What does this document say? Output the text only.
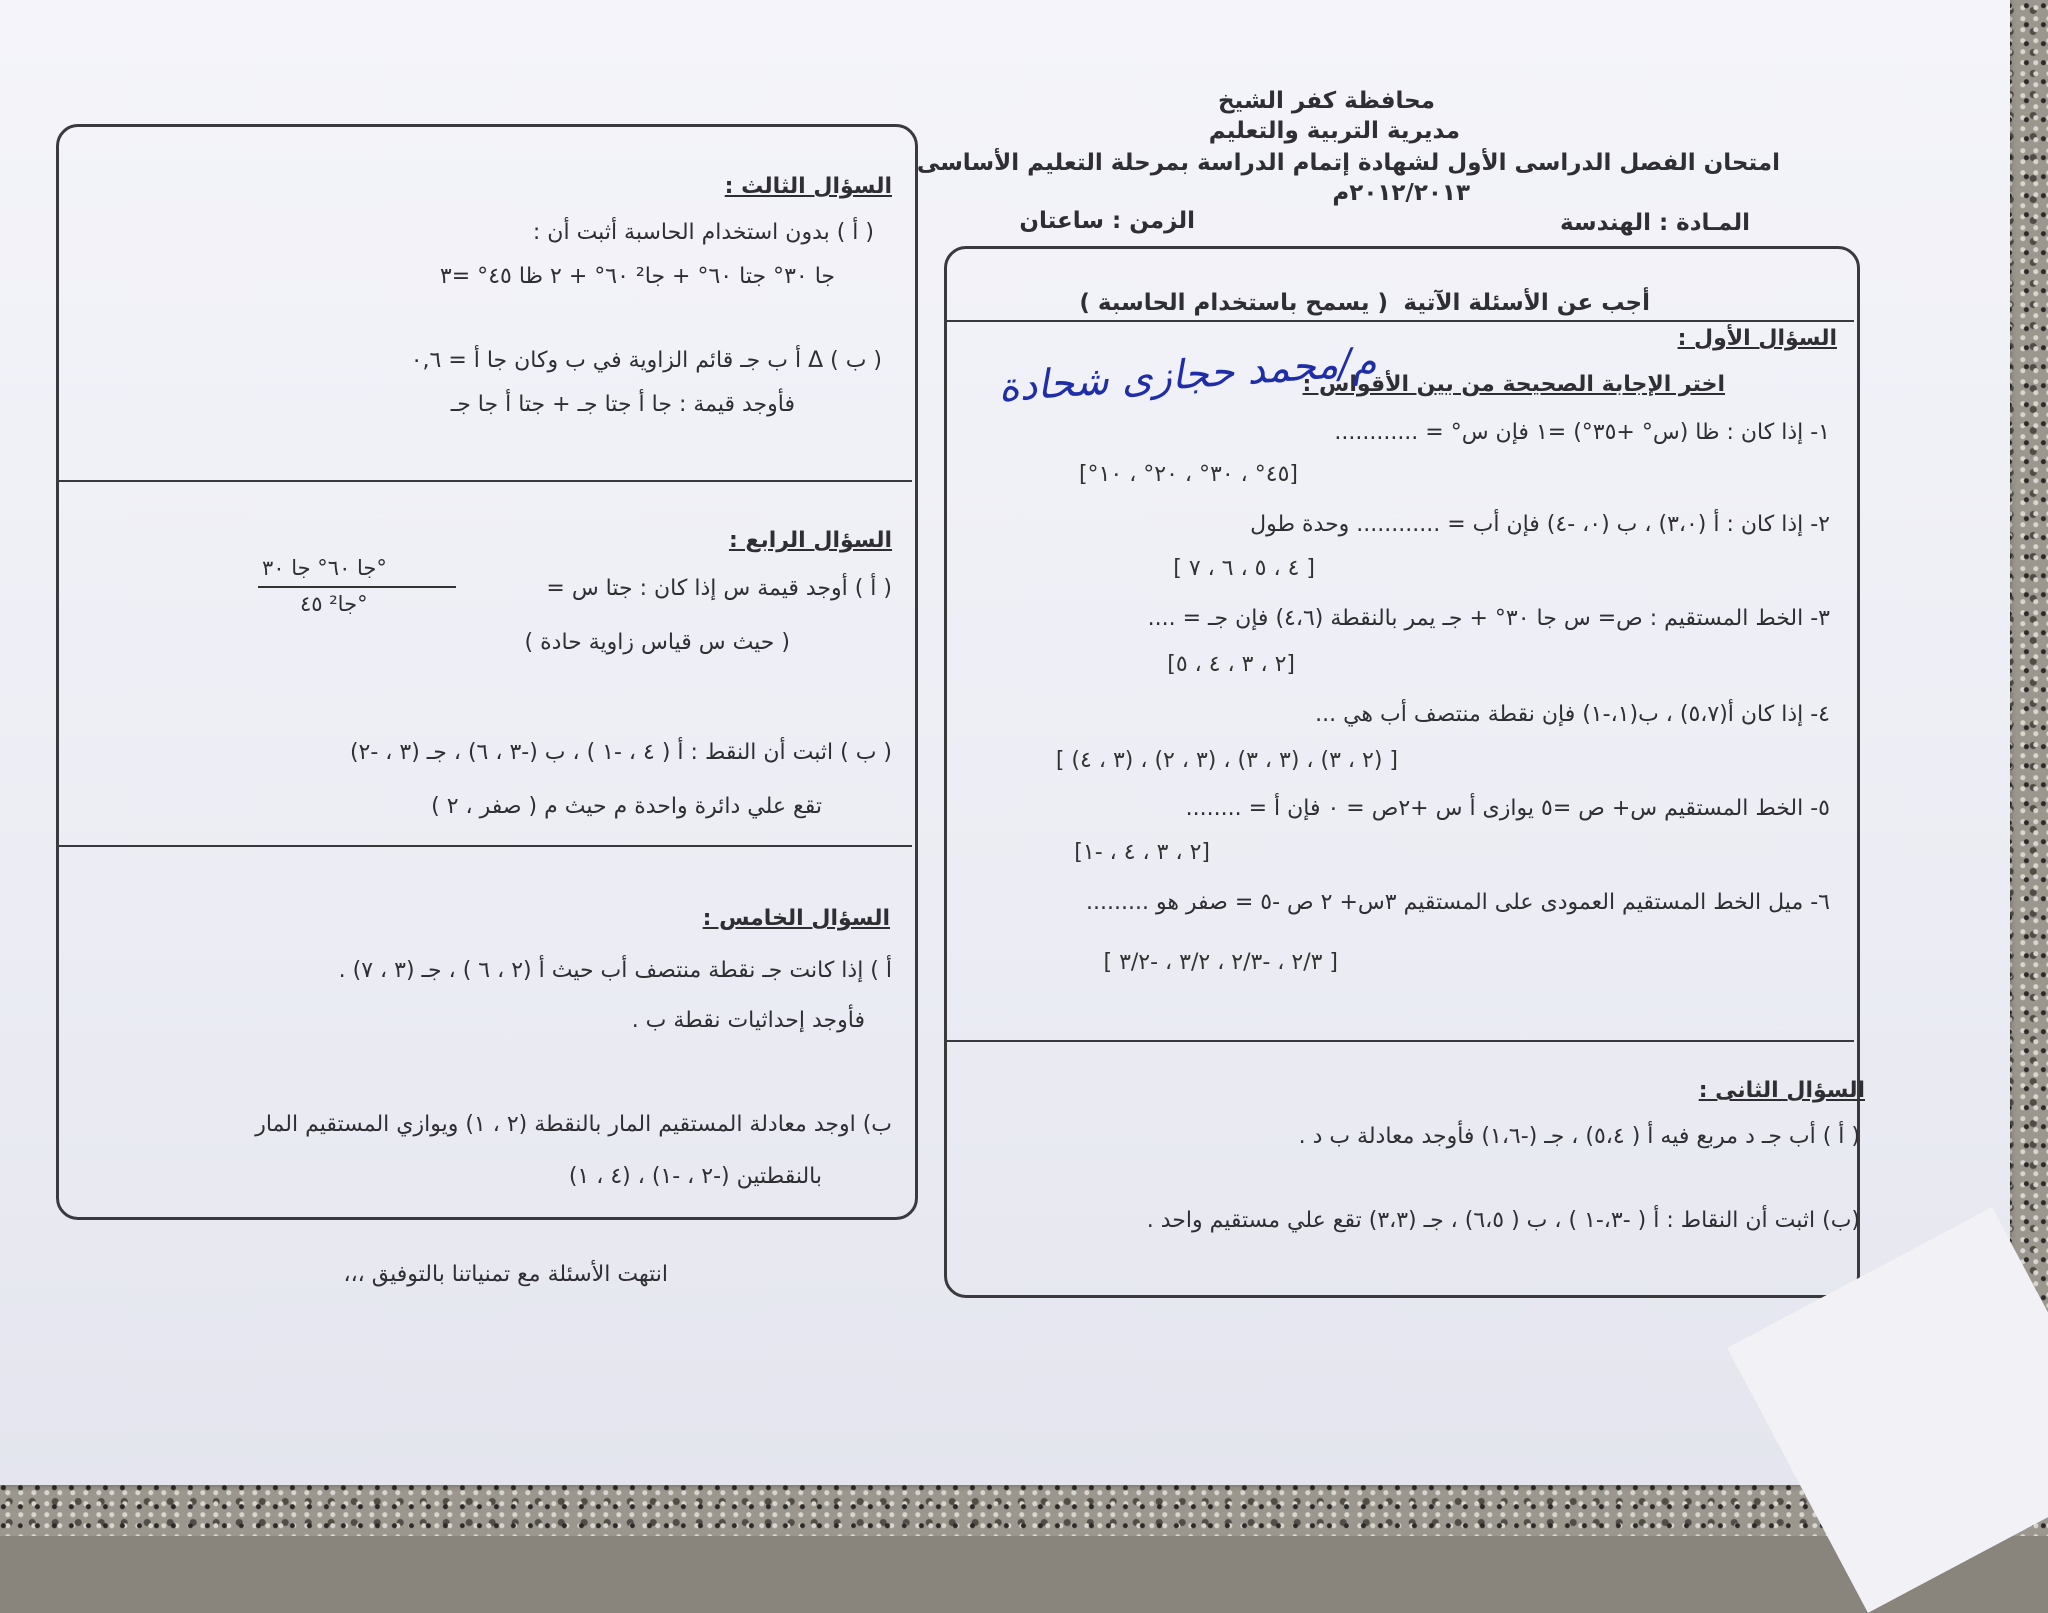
محافظة كفر الشيخ
مديرية التربية والتعليم
امتحان الفصل الدراسى الأول لشهادة إتمام الدراسة بمرحلة التعليم الأساسى
٢٠١٢/٢٠١٣م
المـادة : الهندسة
الزمن : ساعتان
أجب عن الأسئلة الآتية
( يسمح باستخدام الحاسبة )
السؤال الأول :
اختر الإجابة الصحيحة من بين الأقواس :
م/محمد حجازى شحادة
١- إذا كان : ظا (س° +٣٥°) =١ فإن س° = ............
[٤٥° ، ٣٠° ، ٢٠° ، ١٠°]
٢- إذا كان : أ (٣،٠) ، ب (٠، -٤) فإن أب = ............ وحدة طول
[ ٤ ، ٥ ، ٦ ، ٧ ]
٣- الخط المستقيم : ص= س جا ٣٠° + جـ يمر بالنقطة (٤،٦) فإن جـ = ....
[٢ ، ٣ ، ٤ ، ٥]
٤- إذا كان أ(٥،٧) ، ب(١،-١) فإن نقطة منتصف أب هي ...
[ (٢ ، ٣) ، (٣ ، ٣) ، (٣ ، ٢) ، (٣ ، ٤) ]
٥- الخط المستقيم س+ ص =٥ يوازى أ س +٢ص = ٠ فإن أ = ........
[٢ ، ٣ ، ٤ ، -١]
٦- ميل الخط المستقيم العمودى على المستقيم ٣س+ ٢ ص -٥ = صفر هو .........
[ ٢/٣ ، -٢/٣ ، ٣/٢ ، -٣/٢ ]
السؤال الثانى :
( أ ) أب جـ د مربع فيه أ ( ٥،٤) ، جـ (-١،٦) فأوجد معادلة ب د .
(ب) اثبت أن النقاط : أ ( -٣،-١ ) ، ب ( ٦،٥) ، جـ (٣،٣) تقع علي مستقيم واحد .
السؤال الثالث :
( أ ) بدون استخدام الحاسبة أثبت أن :
جا ٣٠° جتا ٦٠° + جا² ٦٠° + ٢ ظا ٤٥° =٣
( ب ) Δ أ ب جـ قائم الزاوية في ب وكان جا أ = ٠,٦
فأوجد قيمة : جا أ جتا جـ + جتا أ جا جـ
السؤال الرابع :
( أ ) أوجد قيمة س إذا كان : جتا س =
جا ٦٠° جا ٣٠°
جا² ٤٥°
( حيث س قياس زاوية حادة )
( ب ) اثبت أن النقط : أ ( ٤ ، -١ ) ، ب (-٣ ، ٦) ، جـ (٣ ، -٢)
تقع علي دائرة واحدة م حيث م ( صفر ، ٢ )
السؤال الخامس :
أ ) إذا كانت جـ نقطة منتصف أب حيث أ (٢ ، ٦ ) ، جـ (٣ ، ٧) .
فأوجد إحداثيات نقطة ب .
ب) اوجد معادلة المستقيم المار بالنقطة (٢ ، ١) ويوازي المستقيم المار
بالنقطتين (-٢ ، -١) ، (٤ ، ١)
انتهت الأسئلة مع تمنياتنا بالتوفيق ،،،
